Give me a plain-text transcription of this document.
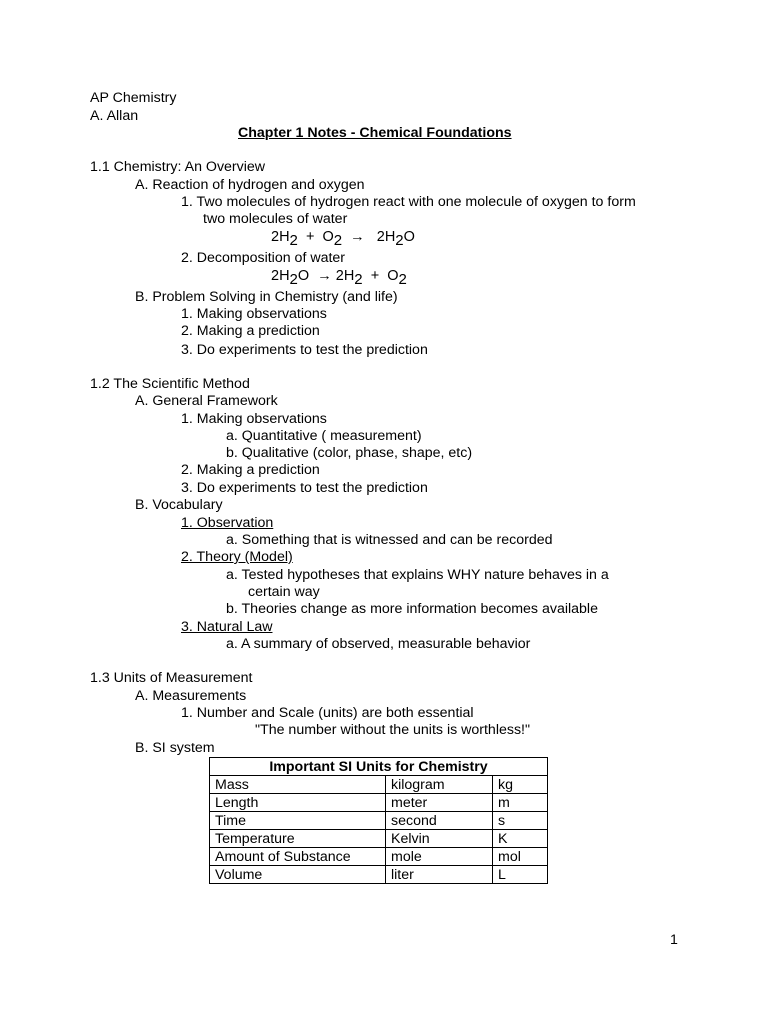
AP Chemistry
A. Allan
Chapter 1 Notes - Chemical Foundations
1.1 Chemistry: An Overview
A. Reaction of hydrogen and oxygen
1. Two molecules of hydrogen react with one molecule of oxygen to form
two molecules of water
$2H_2 + O_2 \to 2H_2O$
2. Decomposition of water
$2H_2O \to 2H_2 + O_2$
B. Problem Solving in Chemistry (and life)
1. Making observations
2. Making a prediction
3. Do experiments to test the prediction
1.2 The Scientific Method
A. General Framework
1. Making observations
a. Quantitative ( measurement)
b. Qualitative (color, phase, shape, etc)
2. Making a prediction
3. Do experiments to test the prediction
B. Vocabulary
1. Observation
a. Something that is witnessed and can be recorded
2. Theory (Model)
a. Tested hypotheses that explains WHY nature behaves in a
certain way
b. Theories change as more information becomes available
3. Natural Law
a. A summary of observed, measurable behavior
1.3 Units of Measurement
A. Measurements
1. Number and Scale (units) are both essential
"The number without the units is worthless!"
B. SI system
Important SI Units for Chemistry		
Mass	kilogram	kg
Length	meter	m
Time	second	s
Temperature	Kelvin	K
Amount of Substance	mole	mol
Volume	liter	L
1
